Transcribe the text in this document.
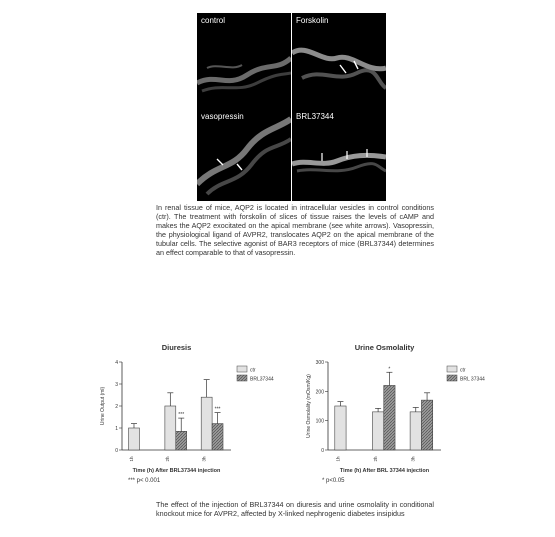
control	Forskolin
vasopressin	BRL37344

In renal tissue of mice, AQP2 is located in intracellular vesicles in control conditions (ctr). The treatment with forskolin of slices of tissue raises the levels of cAMP and makes the AQP2 exocitated on the apical membrane (see white arrows). Vasopressin, the physiological ligand of AVPR2, translocates AQP2 on the apical membrane of the tubular cells. The selective agonist of BAR3 receptors of mice (BRL37344) determines an effect comparable to that of vasopressin.

Diuresis
0
1
2
3
4
Urine Output (ml)
1h
***
2h
***
3h
Time (h) After BRL37344 injection
ctr
BRL37344
*** p< 0.001
Urine Osmolality
0
100
200
300
Urine Osmolality (mOsm/Kg)
1h
*
2h	3h
Time (h) After BRL 37344 injection
ctr
BRL 37344
* p<0.05

The effect of the injection of BRL37344 on diuresis and urine osmolality in conditional knockout mice for AVPR2, affected by X-linked nephrogenic diabetes insipidus
